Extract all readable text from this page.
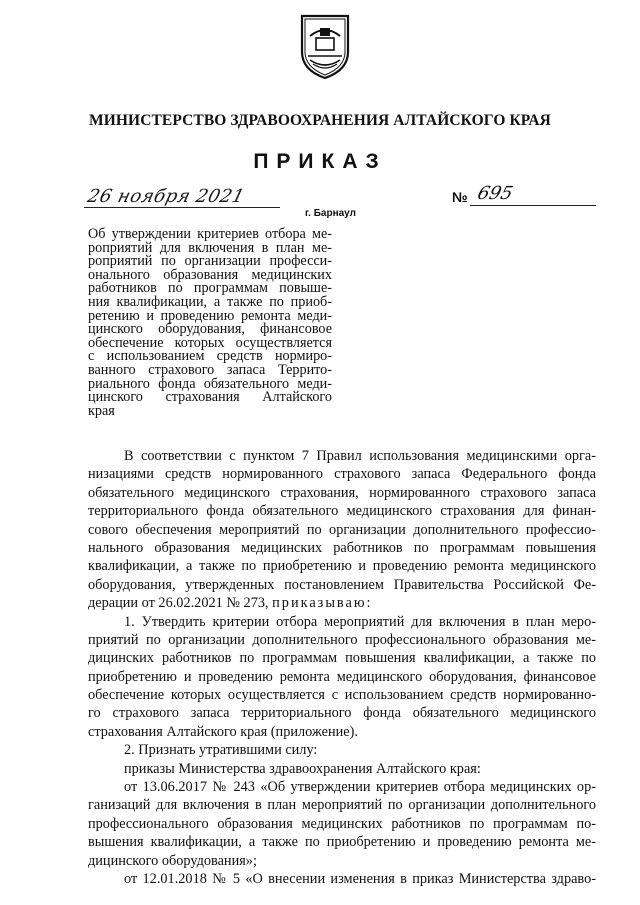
МИНИСТЕРСТВО ЗДРАВООХРАНЕНИЯ АЛТАЙСКОГО КРАЯ
ПРИКАЗ
26 ноября 2021
г. Барнаул
№ 695
Об утверждении критериев отбора ме-
роприятий для включения в план ме-
роприятий по организации професси-
онального образования медицинских
работников по программам повыше-
ния квалификации, а также по приоб-
ретению и проведению ремонта меди-
цинского оборудования, финансовое
обеспечение которых осуществляется
с использованием средств нормиро-
ванного страхового запаса Террито-
риального фонда обязательного меди-
цинского страхования Алтайского
края
В соответствии с пунктом 7 Правил использования медицинскими орга-
низациями средств нормированного страхового запаса Федерального фонда
обязательного медицинского страхования, нормированного страхового запаса
территориального фонда обязательного медицинского страхования для финан-
сового обеспечения мероприятий по организации дополнительного профессио-
нального образования медицинских работников по программам повышения
квалификации, а также по приобретению и проведению ремонта медицинского
оборудования, утвержденных постановлением Правительства Российской Фе-
дерации от 26.02.2021 № 273, приказываю:
1. Утвердить критерии отбора мероприятий для включения в план меро-
приятий по организации дополнительного профессионального образования ме-
дицинских работников по программам повышения квалификации, а также по
приобретению и проведению ремонта медицинского оборудования, финансовое
обеспечение которых осуществляется с использованием средств нормированно-
го страхового запаса территориального фонда обязательного медицинского
страхования Алтайского края (приложение).
2. Признать утратившими силу:
приказы Министерства здравоохранения Алтайского края:
от 13.06.2017 № 243 «Об утверждении критериев отбора медицинских ор-
ганизаций для включения в план мероприятий по организации дополнительного
профессионального образования медицинских работников по программам по-
вышения квалификации, а также по приобретению и проведению ремонта ме-
дицинского оборудования»;
от 12.01.2018 № 5 «О внесении изменения в приказ Министерства здраво-
